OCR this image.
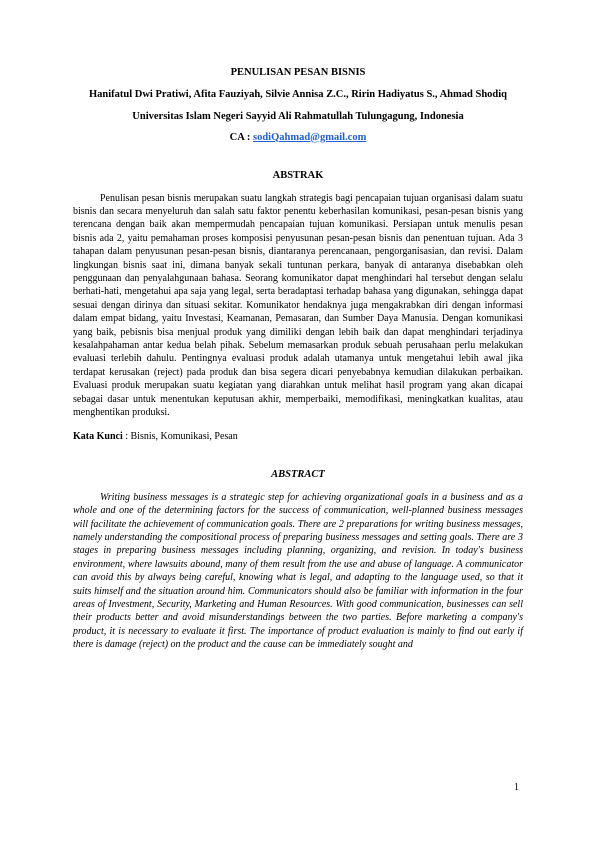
PENULISAN PESAN BISNIS
Hanifatul Dwi Pratiwi, Afita Fauziyah, Silvie Annisa Z.C., Ririn Hadiyatus S., Ahmad Shodiq
Universitas Islam Negeri Sayyid Ali Rahmatullah Tulungagung, Indonesia
CA : sodiQahmad@gmail.com
ABSTRAK

Penulisan pesan bisnis merupakan suatu langkah strategis bagi pencapaian tujuan organisasi dalam suatu bisnis dan secara menyeluruh dan salah satu faktor penentu keberhasilan komunikasi, pesan-pesan bisnis yang terencana dengan baik akan mempermudah pencapaian tujuan komunikasi. Persiapan untuk menulis pesan bisnis ada 2, yaitu pemahaman proses komposisi penyusunan pesan-pesan bisnis dan penentuan tujuan. Ada 3 tahapan dalam penyusunan pesan-pesan bisnis, diantaranya perencanaan, pengorganisasian, dan revisi. Dalam lingkungan bisnis saat ini, dimana banyak sekali tuntunan perkara, banyak di antaranya disebabkan oleh penggunaan dan penyalahgunaan bahasa. Seorang komunikator dapat menghindari hal tersebut dengan selalu berhati-hati, mengetahui apa saja yang legal, serta beradaptasi terhadap bahasa yang digunakan, sehingga dapat sesuai dengan dirinya dan situasi sekitar. Komunikator hendaknya juga mengakrabkan diri dengan informasi dalam empat bidang, yaitu Investasi, Keamanan, Pemasaran, dan Sumber Daya Manusia. Dengan komunikasi yang baik, pebisnis bisa menjual produk yang dimiliki dengan lebih baik dan dapat menghindari terjadinya kesalahpahaman antar kedua belah pihak. Sebelum memasarkan produk sebuah perusahaan perlu melakukan evaluasi terlebih dahulu. Pentingnya evaluasi produk adalah utamanya untuk mengetahui lebih awal jika terdapat kerusakan (reject) pada produk dan bisa segera dicari penyebabnya kemudian dilakukan perbaikan. Evaluasi produk merupakan suatu kegiatan yang diarahkan untuk melihat hasil program yang akan dicapai sebagai dasar untuk menentukan keputusan akhir, memperbaiki, memodifikasi, meningkatkan kualitas, atau menghentikan produksi.

Kata Kunci : Bisnis, Komunikasi, Pesan
ABSTRACT

Writing business messages is a strategic step for achieving organizational goals in a business and as a whole and one of the determining factors for the success of communication, well-planned business messages will facilitate the achievement of communication goals. There are 2 preparations for writing business messages, namely understanding the compositional process of preparing business messages and setting goals. There are 3 stages in preparing business messages including planning, organizing, and revision. In today's business environment, where lawsuits abound, many of them result from the use and abuse of language. A communicator can avoid this by always being careful, knowing what is legal, and adapting to the language used, so that it suits himself and the situation around him. Communicators should also be familiar with information in the four areas of Investment, Security, Marketing and Human Resources. With good communication, businesses can sell their products better and avoid misunderstandings between the two parties. Before marketing a company's product, it is necessary to evaluate it first. The importance of product evaluation is mainly to find out early if there is damage (reject) on the product and the cause can be immediately sought and

1
